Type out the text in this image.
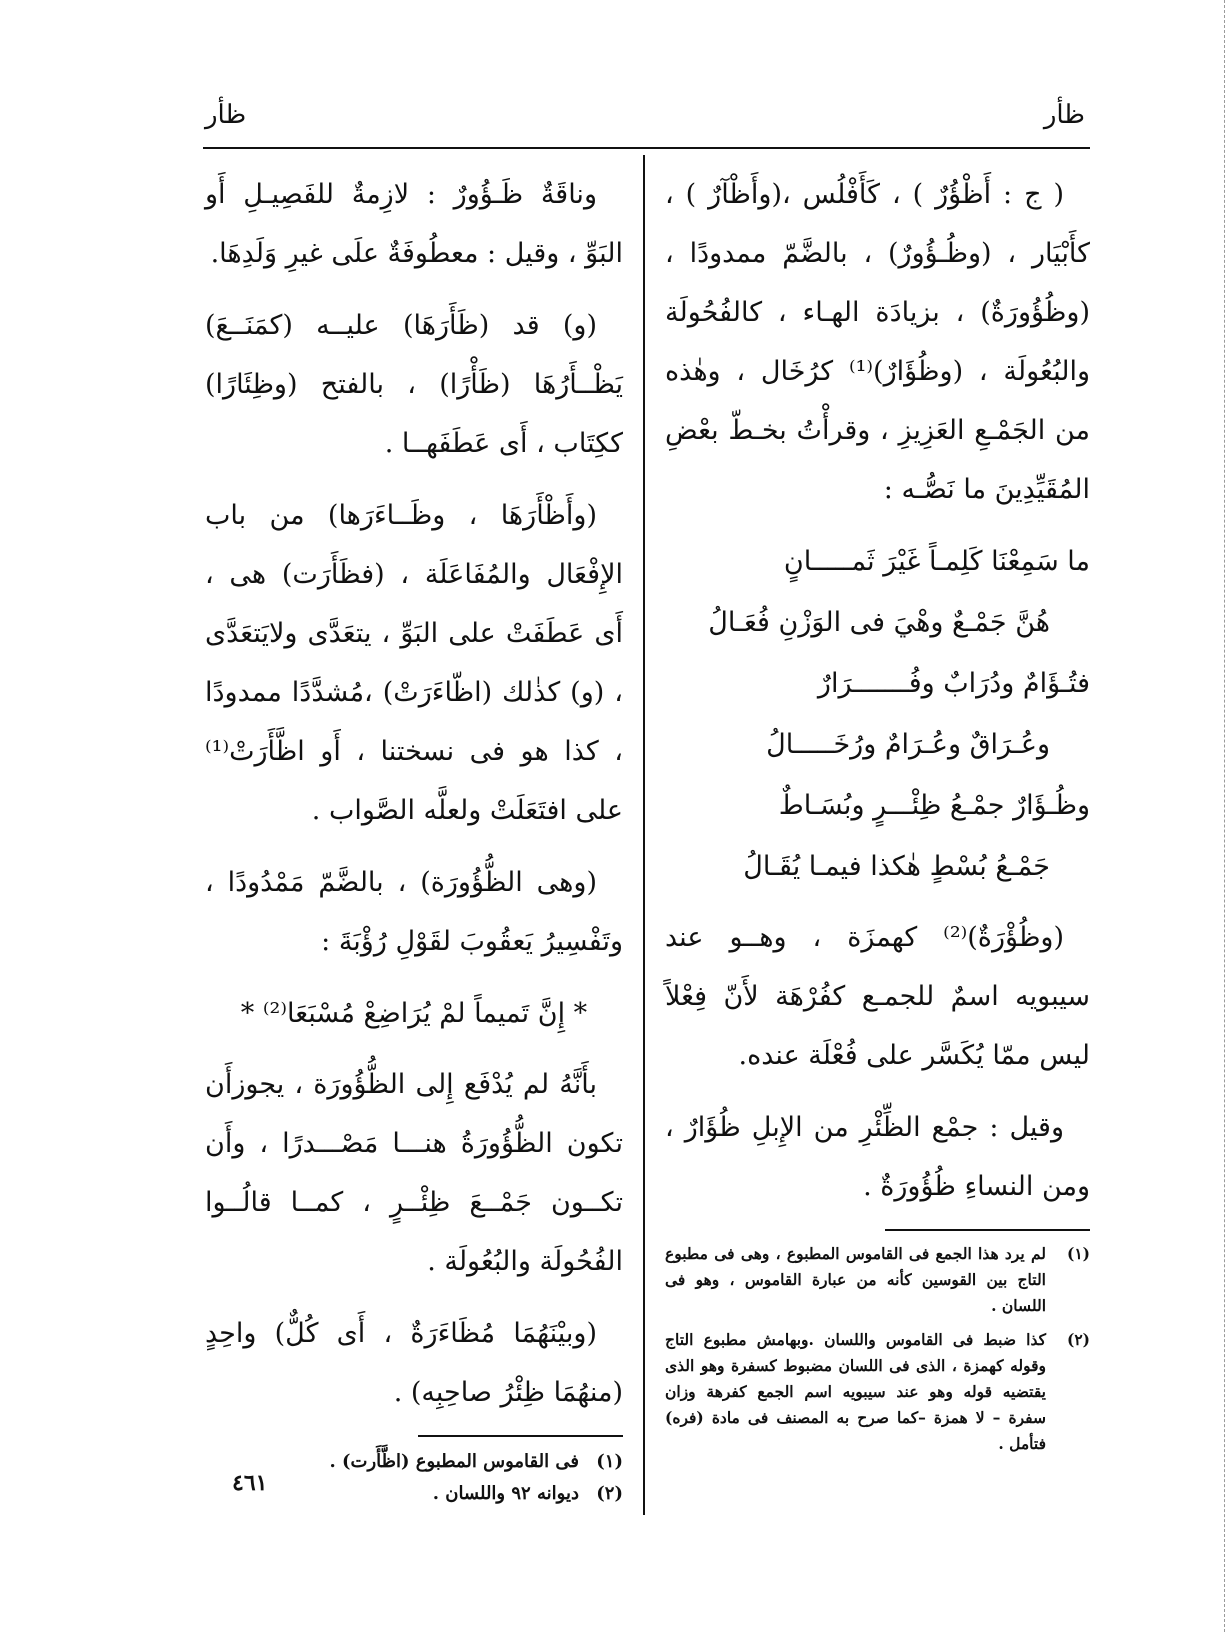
ظأر
ظأر

( ج : أَظْؤُرٌ ) ، كَأَفْلُس ،(وأَظْآرٌ ) ، كأَبْيَار ، (وظُـؤُورٌ) ، بالضَّمّ ممدودًا ، (وظُؤُورَةٌ) ، بزيادَة الهـاء ، كالفُحُولَة والبُعُولَة ، (وظُؤَارٌ)⁽¹⁾ كرُخَال ، وهٰذه من الجَمْـعِ العَزِيزِ ، وقرأْتُ بخـطّ بعْضِ المُقَيِّدِينَ ما نَصُّـه :

ما سَمِعْنَا كَلِمـاً غَيْرَ ثَمـــــانٍ
هُنَّ جَمْـعٌ وهْيَ فى الوَزْنِ فُعَـالُ
فتُـؤَامٌ ودُرَابٌ وفُـــــــرَارٌ
وعُـرَاقٌ وعُـرَامٌ ورُخَـــــالُ
وظُـؤَارٌ جمْـعُ ظِئْـــرٍ وبُسَـاطٌ
جَمْـعُ بُسْطٍ هٰكذا فيمـا يُقَـالُ

(وظُؤْرَةٌ)⁽²⁾ كهمزَة ، وهــو عند سيبويه اسمٌ للجمـع كفُرْهَة لأَنّ فِعْلاً ليس ممّا يُكَسَّر على فُعْلَة عنده.

وقيل : جمْع الظِّئْرِ من الإِبلِ ظُؤَارٌ ، ومن النساءِ ظُؤُورَةٌ .

(١)
لم يرد هذا الجمع فى القاموس المطبوع ، وهى فى مطبوع التاج بين القوسين كأنه من عبارة القاموس ، وهو فى اللسان .
(٢)
كذا ضبط فى القاموس واللسان .وبهامش مطبوع التاج وقوله كهمزة ، الذى فى اللسان مضبوط كسفرة وهو الذى يقتضيه قوله وهو عند سيبويه اسم الجمع كفرهة وزان سفرة – لا همزة –كما صرح به المصنف فى مادة (فره) فتأمل .

وناقَةٌ ظَـؤُورٌ : لازِمةٌ للفَصِيـلِ أَو البَوِّ ، وقيل : معطُوفَةٌ علَى غيرِ وَلَدِهَا.

(و) قد (ظَأَرَهَا) عليــه (كمَنَــعَ) يَظْــأَرُهَا (ظَأْرًا) ، بالفتح (وظِئَارًا) ككِتَاب ، أَى عَطَفَهــا .

(وأَظْأَرَهَا ، وظَــاءَرَها) من باب الإِفْعَال والمُفَاعَلَة ، (فظَأَرَت) هى ، أَى عَطَفَتْ على البَوِّ ، يتعَدَّى ولايَتعَدَّى ، (و) كذٰلك (اظّاءَرَتْ) ،مُشدَّدًا ممدودًا ، كذا هو فى نسختنا ، أَو اظَّأَرَتْ⁽¹⁾ على افتَعَلَتْ ولعلَّه الصَّواب .

(وهى الظُّؤُورَة) ، بالضَّمّ مَمْدُودًا ، وتَفْسِيرُ يَعقُوبَ لقَوْلِ رُؤْبَةَ :

* إِنَّ تَميماً لمْ يُرَاضِعْ مُسْبَعَا⁽²⁾ *

بأَنَّهُ لم يُدْفَع إِلى الظُّؤُورَة ، يجوزأَن تكون الظُّؤُورَةُ هنـــا مَصْـــدرًا ، وأَن تكــون جَمْــعَ ظِئْــرٍ ، كمــا قالُــوا الفُحُولَة والبُعُولَة .

(وبيْنَهُمَا مُظَاءَرَةٌ ، أَى كُلٌّ) واحِدٍ (منهُمَا ظِئْرُ صاحِبِه) .

(١)
فى القاموس المطبوع (اظَّأَرت) .
(٢)
ديوانه ٩٢ واللسان .
٤٦١
